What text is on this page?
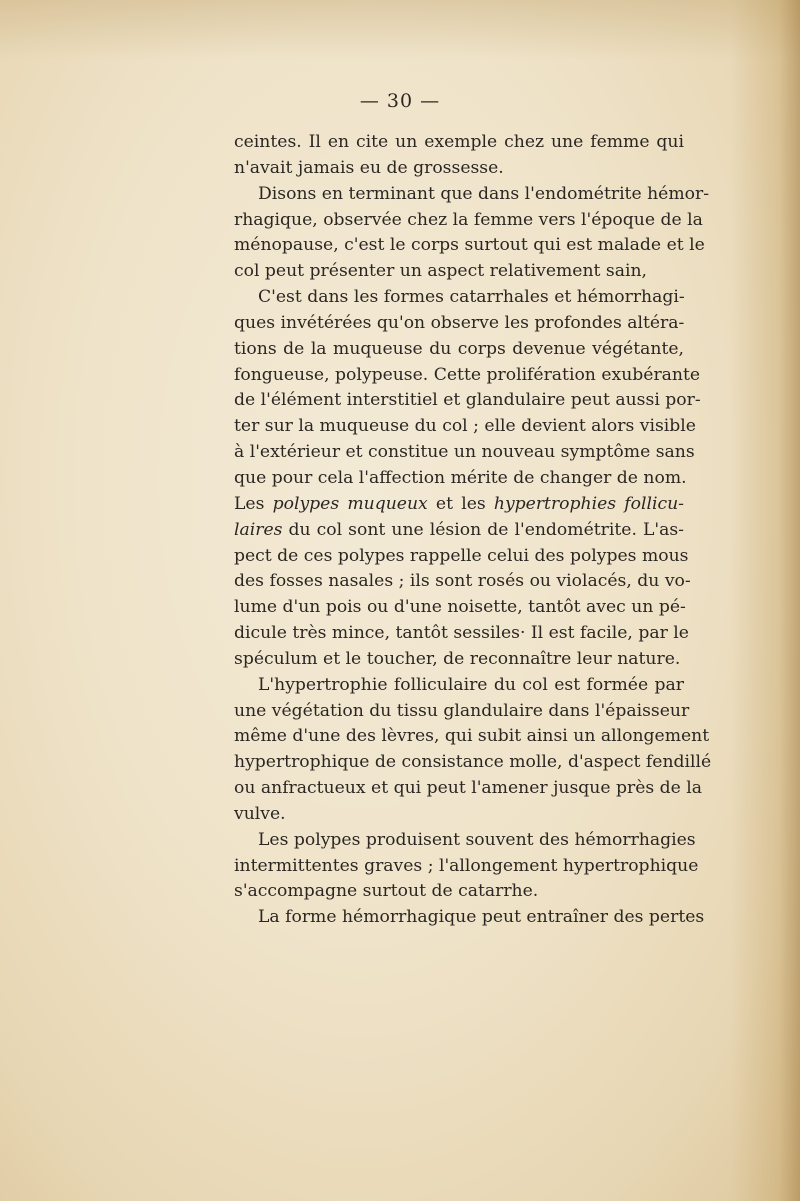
— 30 —
ceintes. Il en cite un exemple chez une femme qui
n'avait jamais eu de grossesse.
Disons en terminant que dans l'endométrite hémor-
rhagique, observée chez la femme vers l'époque de la
ménopause, c'est le corps surtout qui est malade et le
col peut présenter un aspect relativement sain,
C'est dans les formes catarrhales et hémorrhagi-
ques invétérées qu'on observe les profondes altéra-
tions de la muqueuse du corps devenue végétante,
fongueuse, polypeuse. Cette prolifération exubérante
de l'élément interstitiel et glandulaire peut aussi por-
ter sur la muqueuse du col ; elle devient alors visible
à l'extérieur et constitue un nouveau symptôme sans
que pour cela l'affection mérite de changer de nom.
Les polypes muqueux et les hypertrophies follicu-
laires du col sont une lésion de l'endométrite. L'as-
pect de ces polypes rappelle celui des polypes mous
des fosses nasales ; ils sont rosés ou violacés, du vo-
lume d'un pois ou d'une noisette, tantôt avec un pé-
dicule très mince, tantôt sessiles· Il est facile, par le
spéculum et le toucher, de reconnaître leur nature.
L'hypertrophie folliculaire du col est formée par
une végétation du tissu glandulaire dans l'épaisseur
même d'une des lèvres, qui subit ainsi un allongement
hypertrophique de consistance molle, d'aspect fendillé
ou anfractueux et qui peut l'amener jusque près de la
vulve.
Les polypes produisent souvent des hémorrhagies
intermittentes graves ; l'allongement hypertrophique
s'accompagne surtout de catarrhe.
La forme hémorrhagique peut entraîner des pertes
